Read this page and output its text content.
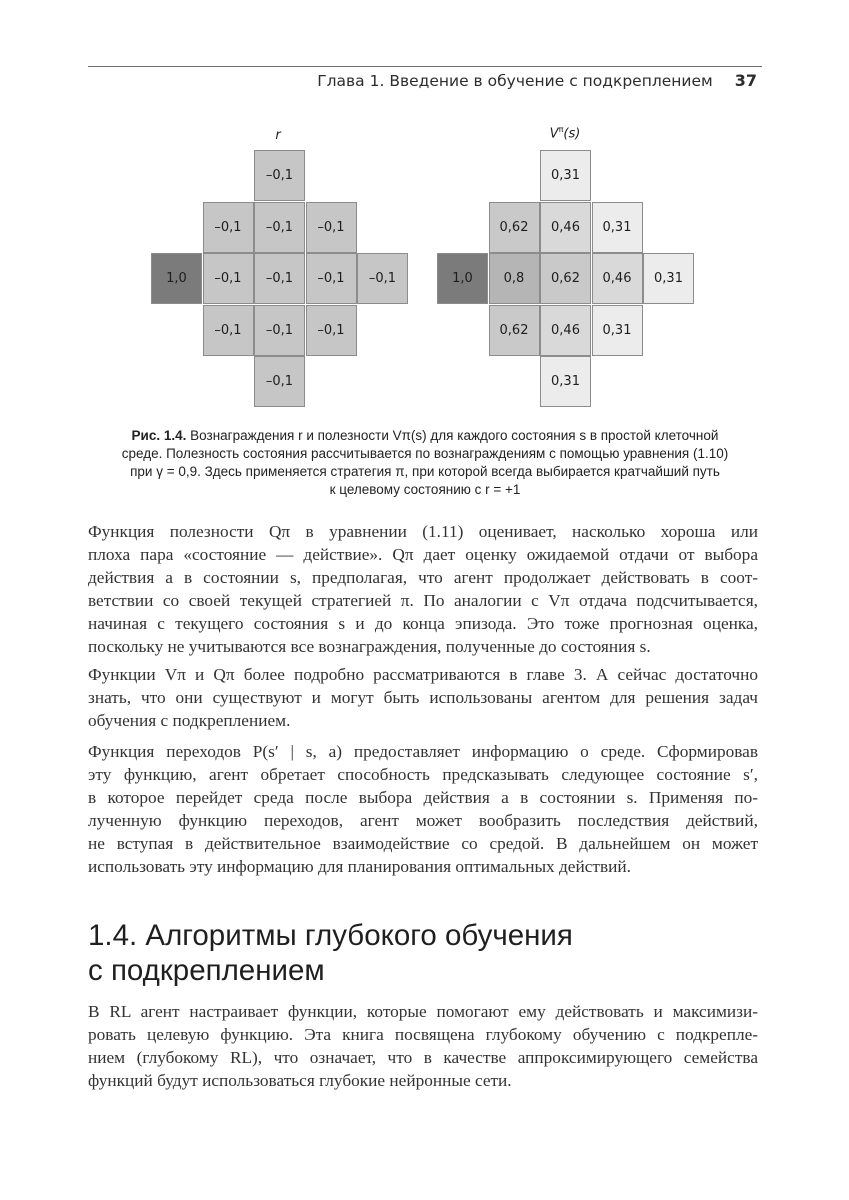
Глава 1. Введение в обучение с подкреплением 37
r	$V^\pi(s)$
–0,1
–0,1	–0,1	–0,1
1,0	–0,1	–0,1	–0,1	–0,1
–0,1	–0,1	–0,1
–0,1
0,31
0,62	0,46	0,31
1,0	0,8	0,62	0,46	0,31
0,62	0,46	0,31
0,31
Рис. 1.4. Вознаграждения r и полезности Vπ(s) для каждого состояния s в простой клеточной
среде. Полезность состояния рассчитывается по вознаграждениям с помощью уравнения (1.10)
при γ = 0,9. Здесь применяется стратегия π, при которой всегда выбирается кратчайший путь
к целевому состоянию с r = +1
Функция полезности Qπ в уравнении (1.11) оценивает, насколько хороша или
плоха пара «состояние — действие». Qπ дает оценку ожидаемой отдачи от выбора
действия a в состоянии s, предполагая, что агент продолжает действовать в соот-
ветствии со своей текущей стратегией π. По аналогии с Vπ отдача подсчитывается,
начиная с текущего состояния s и до конца эпизода. Это тоже прогнозная оценка,
поскольку не учитываются все вознаграждения, полученные до состояния s.
Функции Vπ и Qπ более подробно рассматриваются в главе 3. А сейчас достаточно
знать, что они существуют и могут быть использованы агентом для решения задач
обучения с подкреплением.
Функция переходов P(s′ | s, a) предоставляет информацию о среде. Сформировав
эту функцию, агент обретает способность предсказывать следующее состояние s′,
в которое перейдет среда после выбора действия a в состоянии s. Применяя по-
лученную функцию переходов, агент может вообразить последствия действий,
не вступая в действительное взаимодействие со средой. В дальнейшем он может
использовать эту информацию для планирования оптимальных действий.
1.4. Алгоритмы глубокого обучения
с подкреплением
В RL агент настраивает функции, которые помогают ему действовать и максимизи-
ровать целевую функцию. Эта книга посвящена глубокому обучению с подкрепле-
нием (глубокому RL), что означает, что в качестве аппроксимирующего семейства
функций будут использоваться глубокие нейронные сети.
